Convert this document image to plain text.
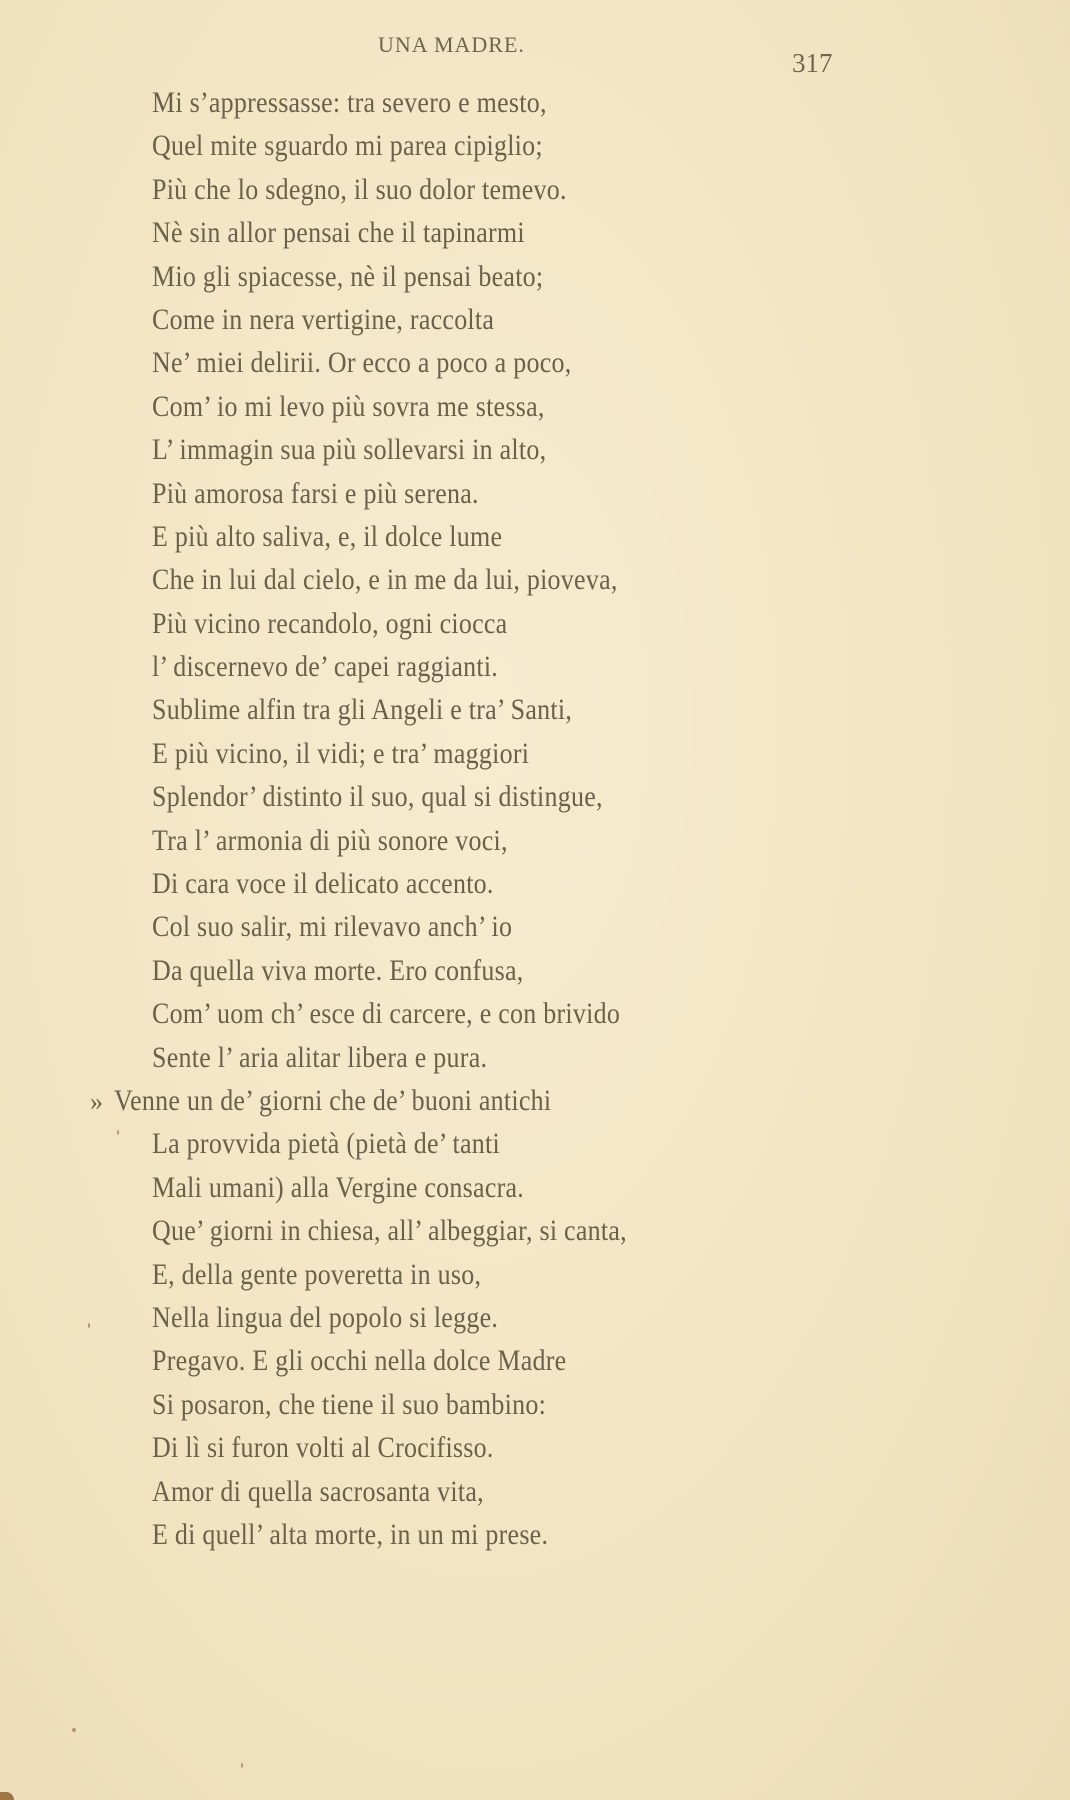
UNA MADRE.
317
Mi s’appressasse: tra severo e mesto,
Quel mite sguardo mi parea cipiglio;
Più che lo sdegno, il suo dolor temevo.
Nè sin allor pensai che il tapinarmi
Mio gli spiacesse, nè il pensai beato;
Come in nera vertigine, raccolta
Ne’ miei delirii. Or ecco a poco a poco,
Com’ io mi levo più sovra me stessa,
L’ immagin sua più sollevarsi in alto,
Più amorosa farsi e più serena.
E più alto saliva, e, il dolce lume
Che in lui dal cielo, e in me da lui, pioveva,
Più vicino recandolo, ogni ciocca
l’ discernevo de’ capei raggianti.
Sublime alfin tra gli Angeli e tra’ Santi,
E più vicino, il vidi; e tra’ maggiori
Splendor’ distinto il suo, qual si distingue,
Tra l’ armonia di più sonore voci,
Di cara voce il delicato accento.
Col suo salir, mi rilevavo anch’ io
Da quella viva morte. Ero confusa,
Com’ uom ch’ esce di carcere, e con brivido
Sente l’ aria alitar libera e pura.
» Venne un de’ giorni che de’ buoni antichi
La provvida pietà (pietà de’ tanti
Mali umani) alla Vergine consacra.
Que’ giorni in chiesa, all’ albeggiar, si canta,
E, della gente poveretta in uso,
Nella lingua del popolo si legge.
Pregavo. E gli occhi nella dolce Madre
Si posaron, che tiene il suo bambino:
Di lì si furon volti al Crocifisso.
Amor di quella sacrosanta vita,
E di quell’ alta morte, in un mi prese.
